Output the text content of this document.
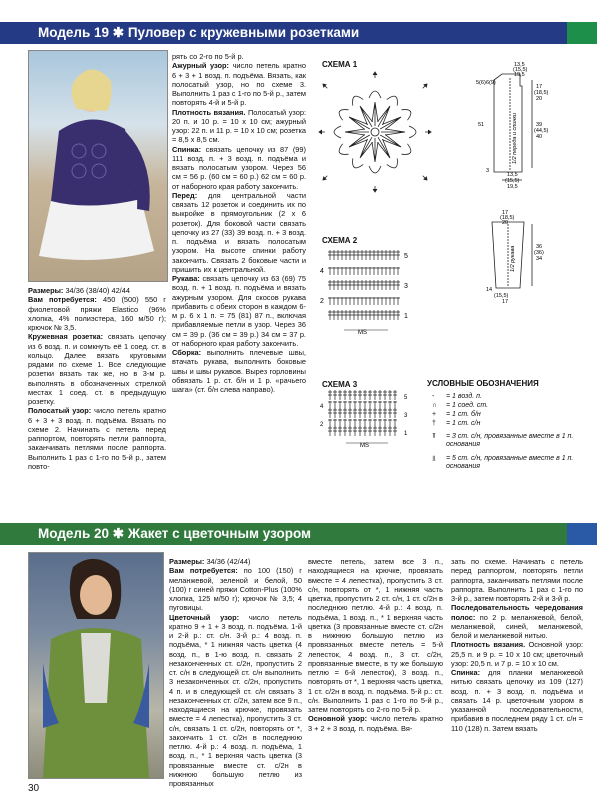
Модель 19 ✱ Пуловер с кружевными розетками

Размеры: 34/36 (38/40) 42/44

Вам потребуется: 450 (500) 550 г фиолетовой пряжи Elastico (96% хлопка, 4% полиэстера, 160 м/50 г); крючок № 3,5.

Кружевная розетка: связать цепочку из 6 возд. п. и сомкнуть её 1 соед. ст. в кольцо. Далее вязать круговыми рядами по схеме 1. Все следующие розетки вязать так же, но в 3-м р. выполнять в обозначенных стрелкой местах 1 соед. ст. в предыдущую розетку.

Полосатый узор: число петель кратно 6 + 3 + 3 возд. п. подъёма. Вязать по схеме 2. Начинать с петель перед раппортом, повторять петли раппорта, заканчивать петлями после раппорта. Выполнить 1 раз с 1-го по 5-й р., затем повто-

рять со 2-го по 5-й р.

Ажурный узор: число петель кратно 6 + 3 + 1 возд. п. подъёма. Вязать, как полосатый узор, но по схеме 3. Выполнить 1 раз с 1-го по 5-й р., затем повторять 4-й и 5-й р.

Плотность вязания. Полосатый узор: 20 п. и 10 р. = 10 х 10 см; ажурный узор: 22 п. и 11 р. = 10 х 10 см; розетка = 8,5 х 8,5 см.

Спинка: связать цепочку из 87 (99) 111 возд. п. + 3 возд. п. подъёма и вязать полосатым узором. Через 56 см = 56 р. (60 см = 60 р.) 62 см = 60 р. от наборного края работу закончить.

Перед: для центральной части связать 12 розеток и соединить их по выкройке в прямоугольник (2 х 6 розеток). Для боковой части связать цепочку из 27 (33) 39 возд. п. + 3 возд. п. подъёма и вязать полосатым узором. На высоте спинки работу закончить. Связать 2 боковые части и пришить их к центральной.

Рукава: связать цепочку из 63 (69) 75 возд. п. + 1 возд. п. подъёма и вязать ажурным узором. Для скосов рукава прибавить с обеих сторон в каждом 6-м р. 6 х 1 п. = 75 (81) 87 п., включая прибавляемые петли в узор. Через 36 см = 39 р. (36 см = 39 р.) 34 см = 37 р. от наборного края работу закончить.

Сборка: выполнить плечевые швы, втачать рукава, выполнить боковые швы и швы рукавов. Вырез горловины обвязать 1 р. ст. б/н и 1 р. «рачьего шага» (ст. б/н слева направо).

СХЕМА 1	13,5
(15,5)
19,5
5(6) 6 (9)
17
(18,5)
20
51	39
(44,5)
40
3
13,5
(15,5)
19,5
1/2 переда и спинки
17
(18,5)
20
36
(36)
34
14
(15,5)
17
1/2 рукава
СХЕМА 2
5
4
3
2
1
MS
СХЕМА 3
5
4
3
2
1
MS
УСЛОВНЫЕ ОБОЗНАЧЕНИЯ
- = 1 возд. п.
∩ = 1 соед. ст.
+ = 1 ст. б/н
† = 1 ст. с/н
⫪	= 3 ст. с/н, провязанные вместе в 1 п. основания
⫫	= 5 ст. с/н, провязанные вместе в 1 п. основания
Модель 20 ✱ Жакет с цветочным узором

Размеры: 34/36 (42/44)

Вам потребуется: по 100 (150) г меланжевой, зеленой и белой, 50 (100) г синей пряжи Cotton-Plus (100% хлопка, 125 м/50 г); крючок № 3,5; 4 пуговицы.

Цветочный узор: число петель кратно 9 + 1 + 3 возд. п. подъёма. 1-й и 2-й р.: ст. с/н. 3-й р.: 4 возд. п. подъёма, * 1 нижняя часть цветка (4 возд. п., в 1-ю возд. п. связать 2 незаконченных ст. с/2н, пропустить 2 ст. с/н в следующей ст. с/н выполнить 3 незаконченных ст. с/2н, пропустить 4 п. и в следующей ст. с/н связать 3 незаконченных ст. с/2н, затем все 9 п., находящиеся на крючке, провязать вместе = 4 лепестка), пропустить 3 ст. с/н, связать 1 ст. с/2н, повторять от *, закончить 1 ст. с/2н в последнюю петлю. 4-й р.: 4 возд. п. подъёма, 1 возд. п., * 1 верхняя часть цветка (3 провязанные вместе ст. с/2н в нижнюю большую петлю из провязанных

вместе петель, затем все 3 п., находящиеся на крючке, провязать вместе = 4 лепестка), пропустить 3 ст. с/н, повторять от *, 1 нижняя часть цветка, пропустить 2 ст. с/н, 1 ст. с/2н в последнюю петлю. 4-й р.: 4 возд. п. подъёма, 1 возд. п., * 1 верхняя часть цветка (3 провязанные вместе ст. с/2н в нижнюю большую петлю из провязанных вместе петель = 5-й лепесток, 4 возд. п., 3 ст. с/2н, провязанные вместе, в ту же большую петлю = 6-й лепесток), 3 возд. п., повторять от *, 1 верхняя часть цветка, 1 ст. с/2н в возд. п. подъёма. 5-й р.: ст. с/н. Выполнить 1 раз с 1-го по 5-й р., затем повторять со 2-го по 5-й р.

Основной узор: число петель кратно 3 + 2 + 3 возд. п. подъёма. Вя-

зать по схеме. Начинать с петель перед раппортом, повторять петли раппорта, заканчивать петлями после раппорта. Выполнить 1 раз с 1-го по 3-й р., затем повторять 2-й и 3-й р.

Последовательность чередования полос: по 2 р. меланжевой, белой, меланжевой, синей, меланжевой, белой и меланжевой нитью.

Плотность вязания. Основной узор: 25,5 п. и 9 р. = 10 х 10 см; цветочный узор: 20,5 п. и 7 р. = 10 х 10 см.

Спинка: для планки меланжевой нитью связать цепочку из 109 (127) возд. п. + 3 возд. п. подъёма и связать 14 р. цветочным узором в указанной последовательности, прибавив в последнем ряду 1 ст. с/н = 110 (128) п. Затем вязать

30
